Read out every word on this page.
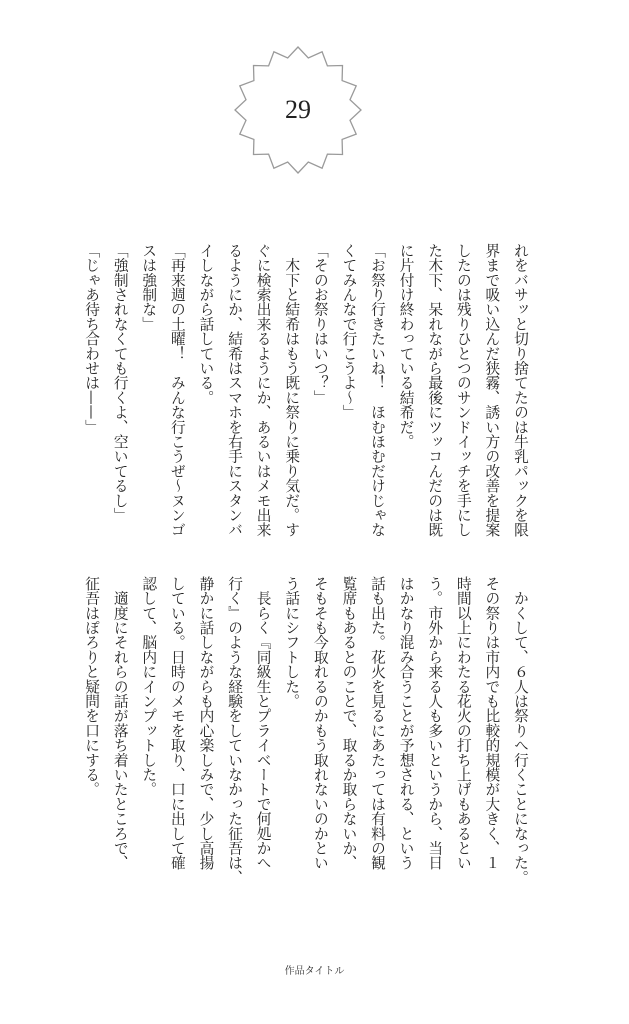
29
れをバサッと切り捨てたのは牛乳パックを限
界まで吸い込んだ狭霧、誘い方の改善を提案
したのは残りひとつのサンドイッチを手にし
た木下、呆れながら最後にツッコんだのは既
に片付け終わっている結希だ。
「お祭り行きたいね！　ほむほむだけじゃな
くてみんなで行こうよ〜」
「そのお祭りはいつ？」
　木下と結希はもう既に祭りに乗り気だ。す
ぐに検索出来るようにか、あるいはメモ出来
るようにか、結希はスマホを右手にスタンバ
イしながら話している。
「再来週の土曜！　みんな行こうぜ〜ヌンゴ
スは強制な」
「強制されなくても行くよ、空いてるし」
「じゃあ待ち合わせは——」
　かくして、６人は祭りへ行くことになった。
その祭りは市内でも比較的規模が大きく、１
時間以上にわたる花火の打ち上げもあるとい
う。市外から来る人も多いというから、当日
はかなり混み合うことが予想される、という
話も出た。花火を見るにあたっては有料の観
覧席もあるとのことで、取るか取らないか、
そもそも今取れるのかもう取れないのかとい
う話にシフトした。
　長らく『同級生とプライベートで何処かへ
行く』のような経験をしていなかった征吾は、
静かに話しながらも内心楽しみで、少し高揚
している。日時のメモを取り、口に出して確
認して、脳内にインプットした。
　適度にそれらの話が落ち着いたところで、
征吾はぽろりと疑問を口にする。
作品タイトル
